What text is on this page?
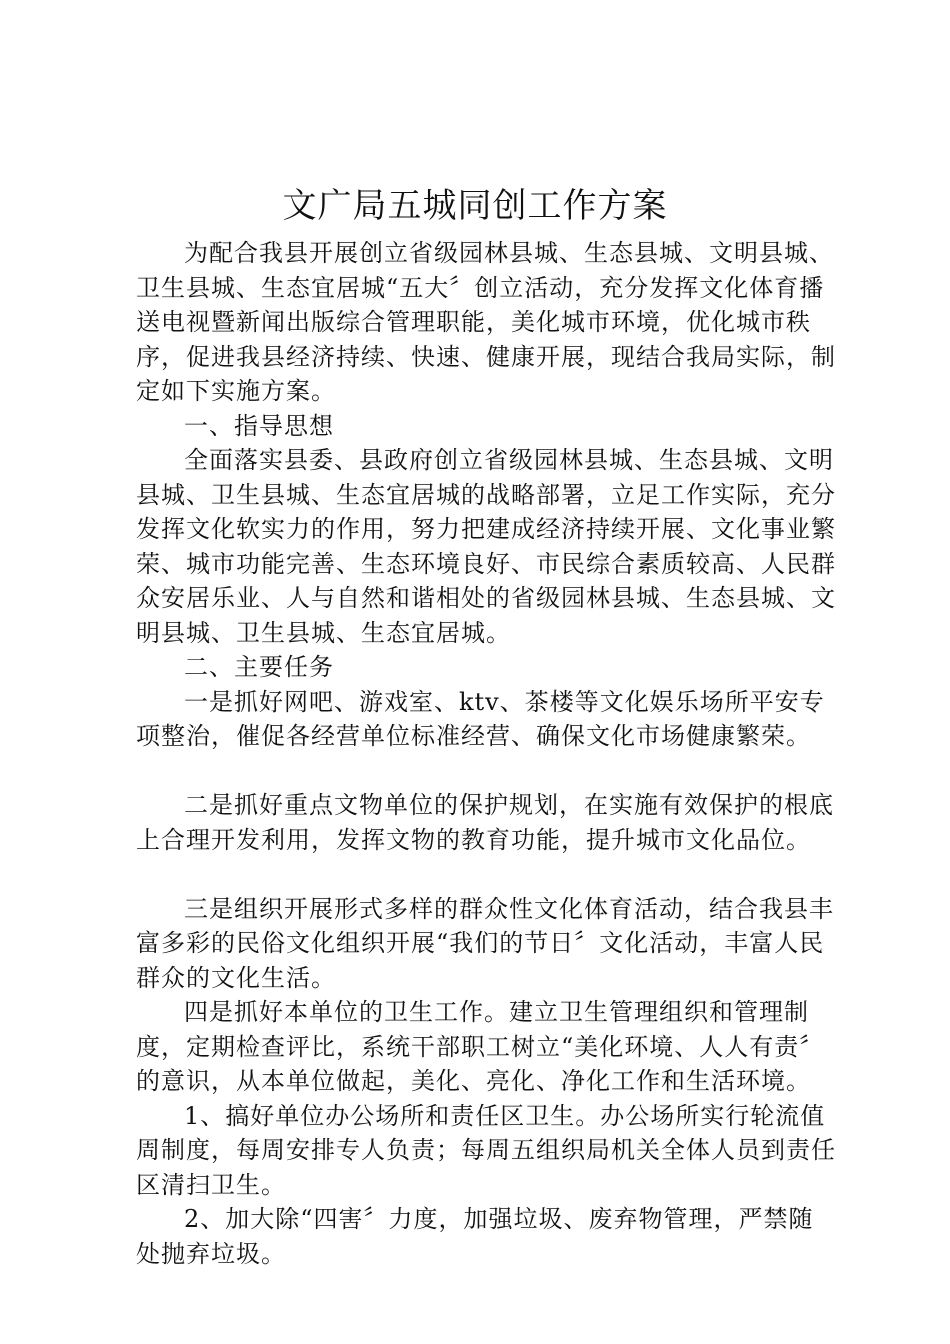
文广局五城同创工作方案

为配合我县开展创立省级园林县城、生态县城、文明县城、卫生县城、生态宜居城“五大〞创立活动，充分发挥文化体育播送电视暨新闻出版综合管理职能，美化城市环境，优化城市秩序，促进我县经济持续、快速、健康开展，现结合我局实际，制定如下实施方案。

一、指导思想

全面落实县委、县政府创立省级园林县城、生态县城、文明县城、卫生县城、生态宜居城的战略部署，立足工作实际，充分发挥文化软实力的作用，努力把建成经济持续开展、文化事业繁荣、城市功能完善、生态环境良好、市民综合素质较高、人民群众安居乐业、人与自然和谐相处的省级园林县城、生态县城、文明县城、卫生县城、生态宜居城。

二、主要任务

一是抓好网吧、游戏室、ktv、茶楼等文化娱乐场所平安专项整治，催促各经营单位标准经营、确保文化市场健康繁荣。

二是抓好重点文物单位的保护规划，在实施有效保护的根底上合理开发利用，发挥文物的教育功能，提升城市文化品位。

三是组织开展形式多样的群众性文化体育活动，结合我县丰富多彩的民俗文化组织开展“我们的节日〞文化活动，丰富人民群众的文化生活。

四是抓好本单位的卫生工作。建立卫生管理组织和管理制度，定期检查评比，系统干部职工树立“美化环境、人人有责〞的意识，从本单位做起，美化、亮化、净化工作和生活环境。

1、搞好单位办公场所和责任区卫生。办公场所实行轮流值周制度，每周安排专人负责；每周五组织局机关全体人员到责任区清扫卫生。

2、加大除“四害〞力度，加强垃圾、废弃物管理，严禁随处抛弃垃圾。
